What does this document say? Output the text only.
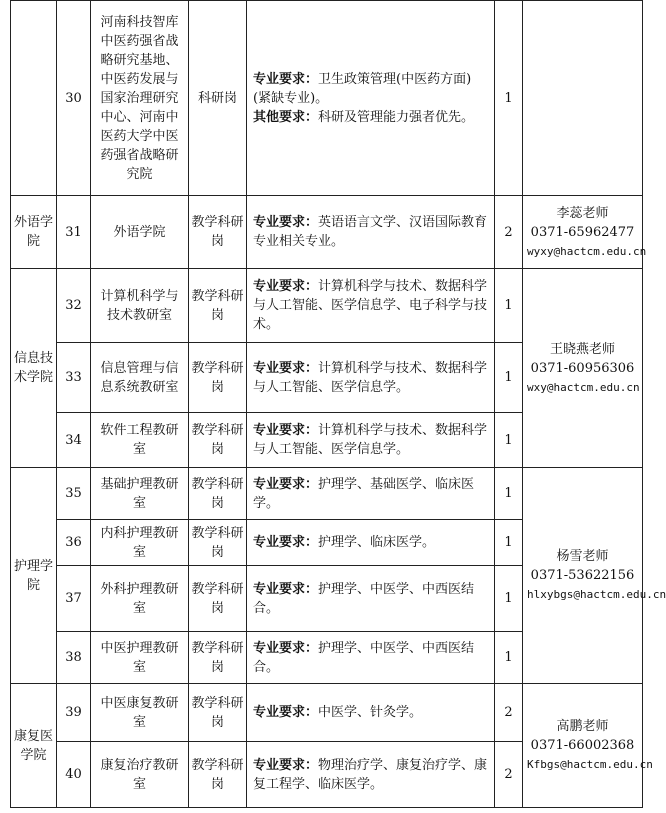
	30	河南科技智库中医药强省战略研究基地、中医药发展与国家治理研究中心、河南中医药大学中医药强省战略研究院	科研岗	专业要求：卫生政策管理(中医药方面)(紧缺专业)。
其他要求：科研及管理能力强者优先。	1	
外语学院	31	外语学院	教学科研岗	专业要求：英语语言文学、汉语国际教育专业相关专业。	2	李蕊老师
0371-65962477
wyxy@hactcm.edu.cn

信息技术学院	32	计算机科学与技术教研室	教学科研岗	专业要求：计算机科学与技术、数据科学与人工智能、医学信息学、电子科学与技术。	1	王晓燕老师
0371-60956306
wxy@hactcm.edu.cn

	33	信息管理与信息系统教研室	教学科研岗	专业要求：计算机科学与技术、数据科学与人工智能、医学信息学。	1	
	34	软件工程教研室	教学科研岗	专业要求：计算机科学与技术、数据科学与人工智能、医学信息学。	1	
护理学院	35	基础护理教研室	教学科研岗	专业要求：护理学、基础医学、临床医学。	1	杨雪老师
0371-53622156
hlxybgs@hactcm.edu.cn

	36	内科护理教研室	教学科研岗	专业要求：护理学、临床医学。	1	
	37	外科护理教研室	教学科研岗	专业要求：护理学、中医学、中西医结合。	1	
	38	中医护理教研室	教学科研岗	专业要求：护理学、中医学、中西医结合。	1	
康复医学院	39	中医康复教研室	教学科研岗	专业要求：中医学、针灸学。	2	高鹏老师
0371-66002368
Kfbgs@hactcm.edu.cn

	40	康复治疗教研室	教学科研岗	专业要求：物理治疗学、康复治疗学、康复工程学、临床医学。	2	
